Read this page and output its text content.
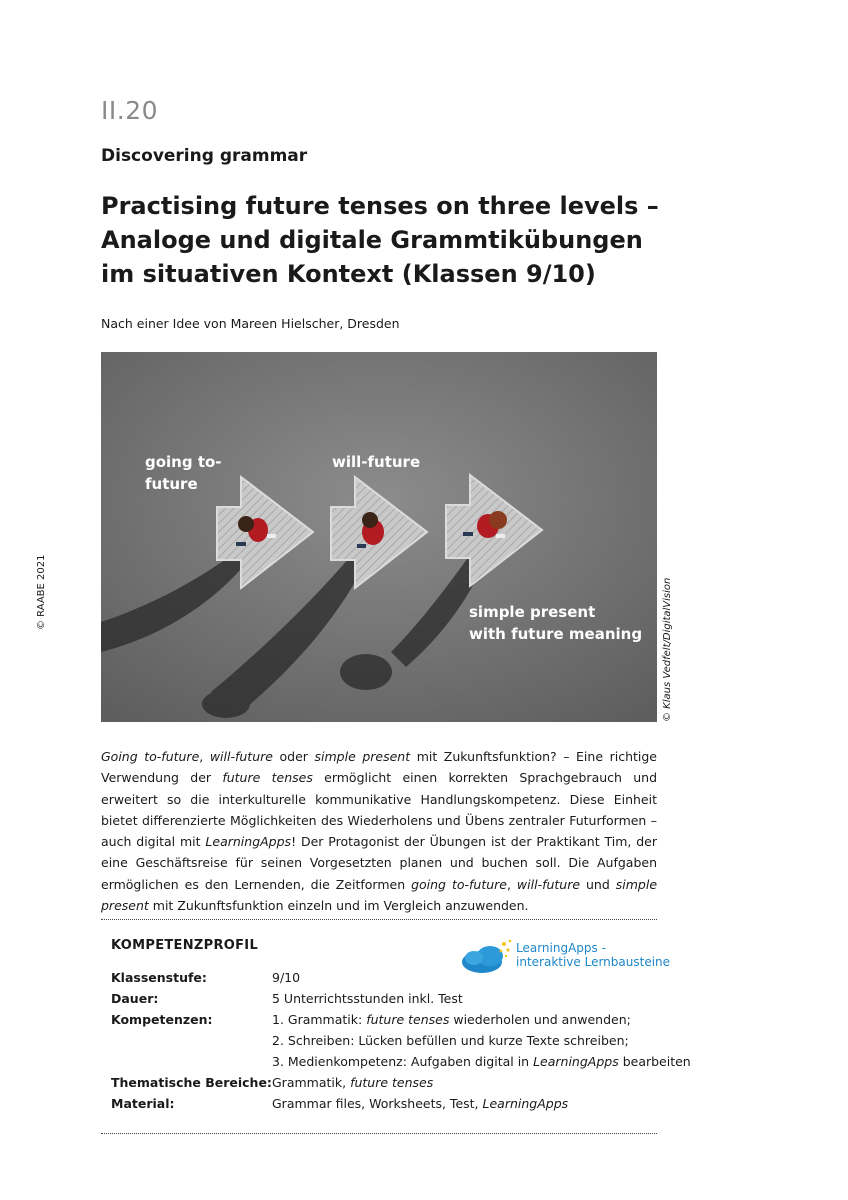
II.20
Discovering grammar
Practising future tenses on three levels –
Analoge und digitale Grammtikübungen
im situativen Kontext (Klassen 9/10)
Nach einer Idee von Mareen Hielscher, Dresden
© RAABE 2021	© Klaus Vedfelt/DigitalVision
going to-
future
will-future
simple present
with future meaning
Going to-future, will-future oder simple present mit Zukunftsfunktion? – Eine richtige Verwendung der future tenses ermöglicht einen korrekten Sprachgebrauch und erweitert so die interkulturelle kommunikative Handlungskompetenz. Diese Einheit bietet differenzierte Möglichkeiten des Wiederholens und Übens zentraler Futurformen – auch digital mit LearningApps! Der Protagonist der Übungen ist der Praktikant Tim, der eine Geschäftsreise für seinen Vorgesetzten planen und buchen soll. Die Aufgaben ermöglichen es den Lernenden, die Zeitformen going to-future, will-future und simple present mit Zukunftsfunktion einzeln und im Vergleich anzuwenden.
KOMPETENZPROFIL	LearningApps -
interaktive Lernbausteine
Klassenstufe:	9/10
Dauer:	5 Unterrichtsstunden inkl. Test
Kompetenzen:	1. Grammatik: future tenses wiederholen und anwenden;
2. Schreiben: Lücken befüllen und kurze Texte schreiben;
3. Medienkompetenz: Aufgaben digital in LearningApps bearbeiten
Thematische Bereiche: Grammatik, future tenses
Material:	Grammar files, Worksheets, Test, LearningApps
